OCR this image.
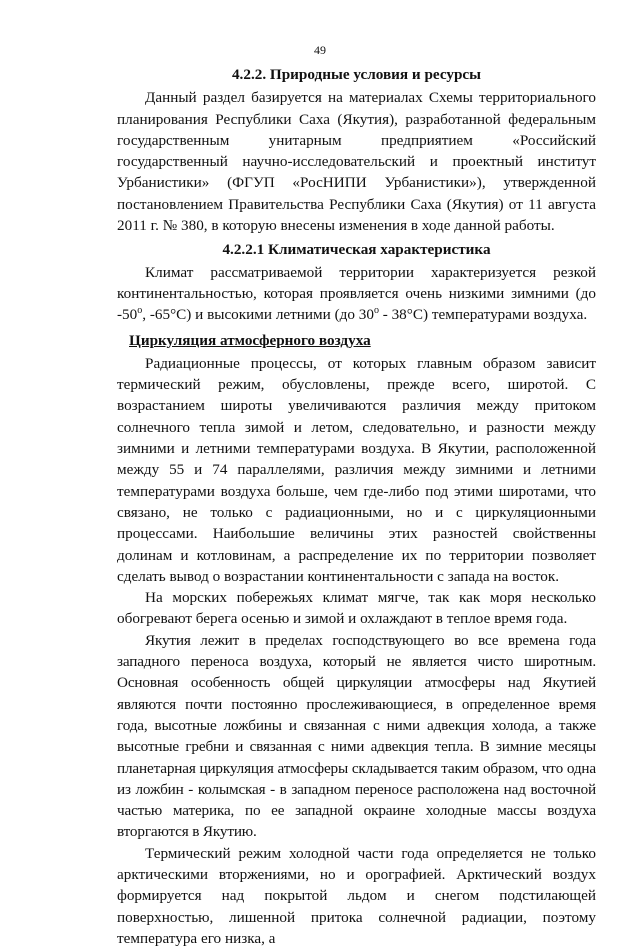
49
4.2.2. Природные условия и ресурсы

Данный раздел базируется на материалах Схемы территориального планирования Республики Саха (Якутия), разработанной федеральным государственным унитарным предприятием «Российский государственный научно-исследовательский и проектный институт Урбанистики» (ФГУП «РосНИПИ Урбанистики»), утвержденной постановлением Правительства Республики Саха (Якутия) от 11 августа 2011 г. № 380, в которую внесены изменения в ходе данной работы.

4.2.2.1 Климатическая характеристика

Климат рассматриваемой территории характеризуется резкой континентальностью, которая проявляется очень низкими зимними (до $-50^о$, -65°С) и высокими летними (до $30^о - 38^\circ С$) температурами воздуха.

Циркуляция атмосферного воздуха

Радиационные процессы, от которых главным образом зависит термический режим, обусловлены, прежде всего, широтой. С возрастанием широты увеличиваются различия между притоком солнечного тепла зимой и летом, следовательно, и разности между зимними и летними температурами воздуха. В Якутии, расположенной между 55 и 74 параллелями, различия между зимними и летними температурами воздуха больше, чем где-либо под этими широтами, что связано, не только с радиационными, но и с циркуляционными процессами. Наибольшие величины этих разностей свойственны долинам и котловинам, а распределение их по территории позволяет сделать вывод о возрастании континентальности с запада на восток.

На морских побережьях климат мягче, так как моря несколько обогревают берега осенью и зимой и охлаждают в теплое время года.

Якутия лежит в пределах господствующего во все времена года западного переноса воздуха, который не является чисто широтным. Основная особенность общей циркуляции атмосферы над Якутией являются почти постоянно прослеживающиеся, в определенное время года, высотные ложбины и связанная с ними адвекция холода, а также высотные гребни и связанная с ними адвекция тепла. В зимние месяцы планетарная циркуляция атмосферы складывается таким образом, что одна из ложбин - колымская - в западном переносе расположена над восточной частью материка, по ее западной окраине холодные массы воздуха вторгаются в Якутию.

Термический режим холодной части года определяется не только арктическими вторжениями, но и орографией. Арктический воздух формируется над покрытой льдом и снегом подстилающей поверхностью, лишенной притока солнечной радиации, поэтому температура его низка, а
